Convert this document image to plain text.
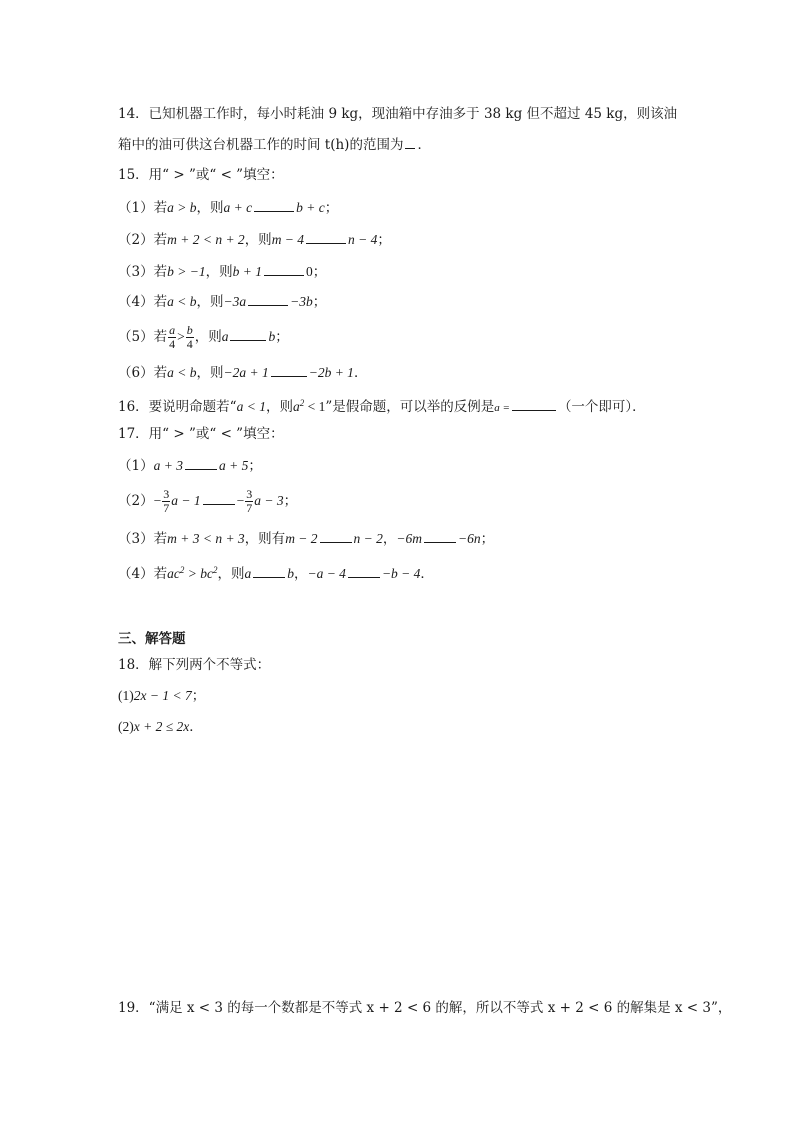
14．已知机器工作时，每小时耗油 9 kg，现油箱中存油多于 38 kg 但不超过 45 kg，则该油
箱中的油可供这台机器工作的时间 t(h)的范围为 ．
15．用“ > ”或“ < ”填空：
（1）若a > b，则a + c	b + c；
（2）若m + 2 < n + 2，则m − 4	n − 4；
（3）若b > −1，则b + 1	0；
（4）若a < b，则−3a	−3b；
（5）若 $\frac{a}{4} > \frac{b}{4}$ ，则a	b；
（6）若a < b，则−2a + 1	−2b + 1．
16．要说明命题若“a < 1，则$a^2 < 1$”是假命题，可以举的反例是a =	（一个即可）．
17．用“ > ”或“ < ”填空：
（1）a + 3	a + 5；
$(2)- \frac{3}{7}$ a − 1	− $\frac{3}{7}$ a − 3；
（3）若m + 3 < n + 3，则有m − 2	n − 2，−6m	−6n；
（4）若$ac^2 > bc^2$，则a	b，−a − 4	−b − 4．
三、解答题
18．解下列两个不等式：
(1)2x − 1 < 7；
(2)x + 2 ≤ 2x．
19．“满足 x < 3 的每一个数都是不等式 x + 2 < 6 的解，所以不等式 x + 2 < 6 的解集是 x < 3”，
